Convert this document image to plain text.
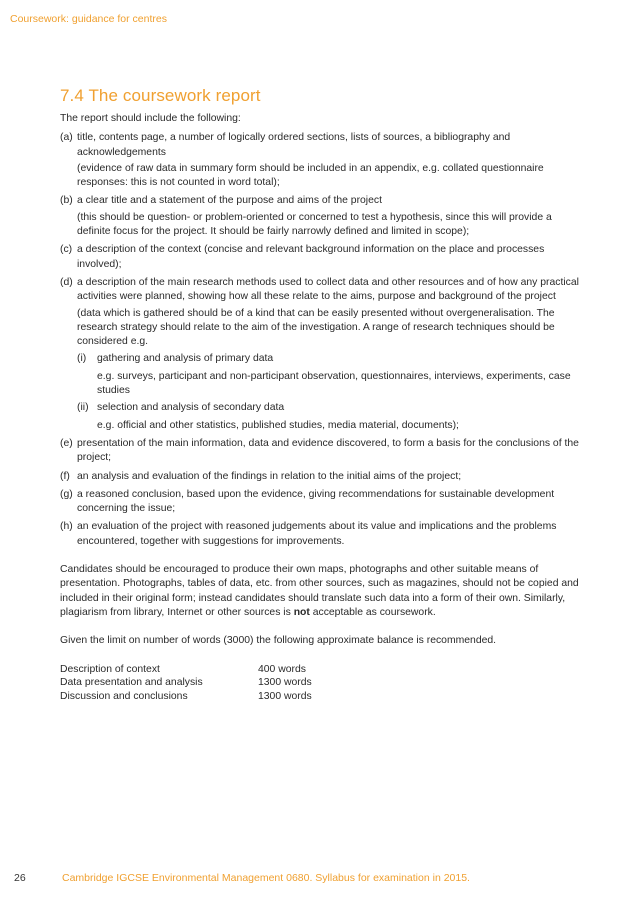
Coursework: guidance for centres
7.4 The coursework report

The report should include the following:

(a) title, contents page, a number of logically ordered sections, lists of sources, a bibliography and acknowledgements
(evidence of raw data in summary form should be included in an appendix, e.g. collated questionnaire responses: this is not counted in word total);
(b) a clear title and a statement of the purpose and aims of the project
(this should be question- or problem-oriented or concerned to test a hypothesis, since this will provide a definite focus for the project. It should be fairly narrowly defined and limited in scope);
(c) a description of the context (concise and relevant background information on the place and processes involved);
(d) a description of the main research methods used to collect data and other resources and of how any practical activities were planned, showing how all these relate to the aims, purpose and background of the project
(data which is gathered should be of a kind that can be easily presented without overgeneralisation. The research strategy should relate to the aim of the investigation. A range of research techniques should be considered e.g.
(i) gathering and analysis of primary data
e.g. surveys, participant and non-participant observation, questionnaires, interviews, experiments, case studies
(ii) selection and analysis of secondary data
e.g. official and other statistics, published studies, media material, documents);
(e) presentation of the main information, data and evidence discovered, to form a basis for the conclusions of the project;
(f) an analysis and evaluation of the findings in relation to the initial aims of the project;
(g) a reasoned conclusion, based upon the evidence, giving recommendations for sustainable development concerning the issue;
(h) an evaluation of the project with reasoned judgements about its value and implications and the problems encountered, together with suggestions for improvements.

Candidates should be encouraged to produce their own maps, photographs and other suitable means of presentation. Photographs, tables of data, etc. from other sources, such as magazines, should not be copied and included in their original form; instead candidates should translate such data into a form of their own. Similarly, plagiarism from library, Internet or other sources is not acceptable as coursework.

Given the limit on number of words (3000) the following approximate balance is recommended.

Description of context	400 words
Data presentation and analysis	1300 words
Discussion and conclusions	1300 words
26	Cambridge IGCSE Environmental Management 0680. Syllabus for examination in 2015.
